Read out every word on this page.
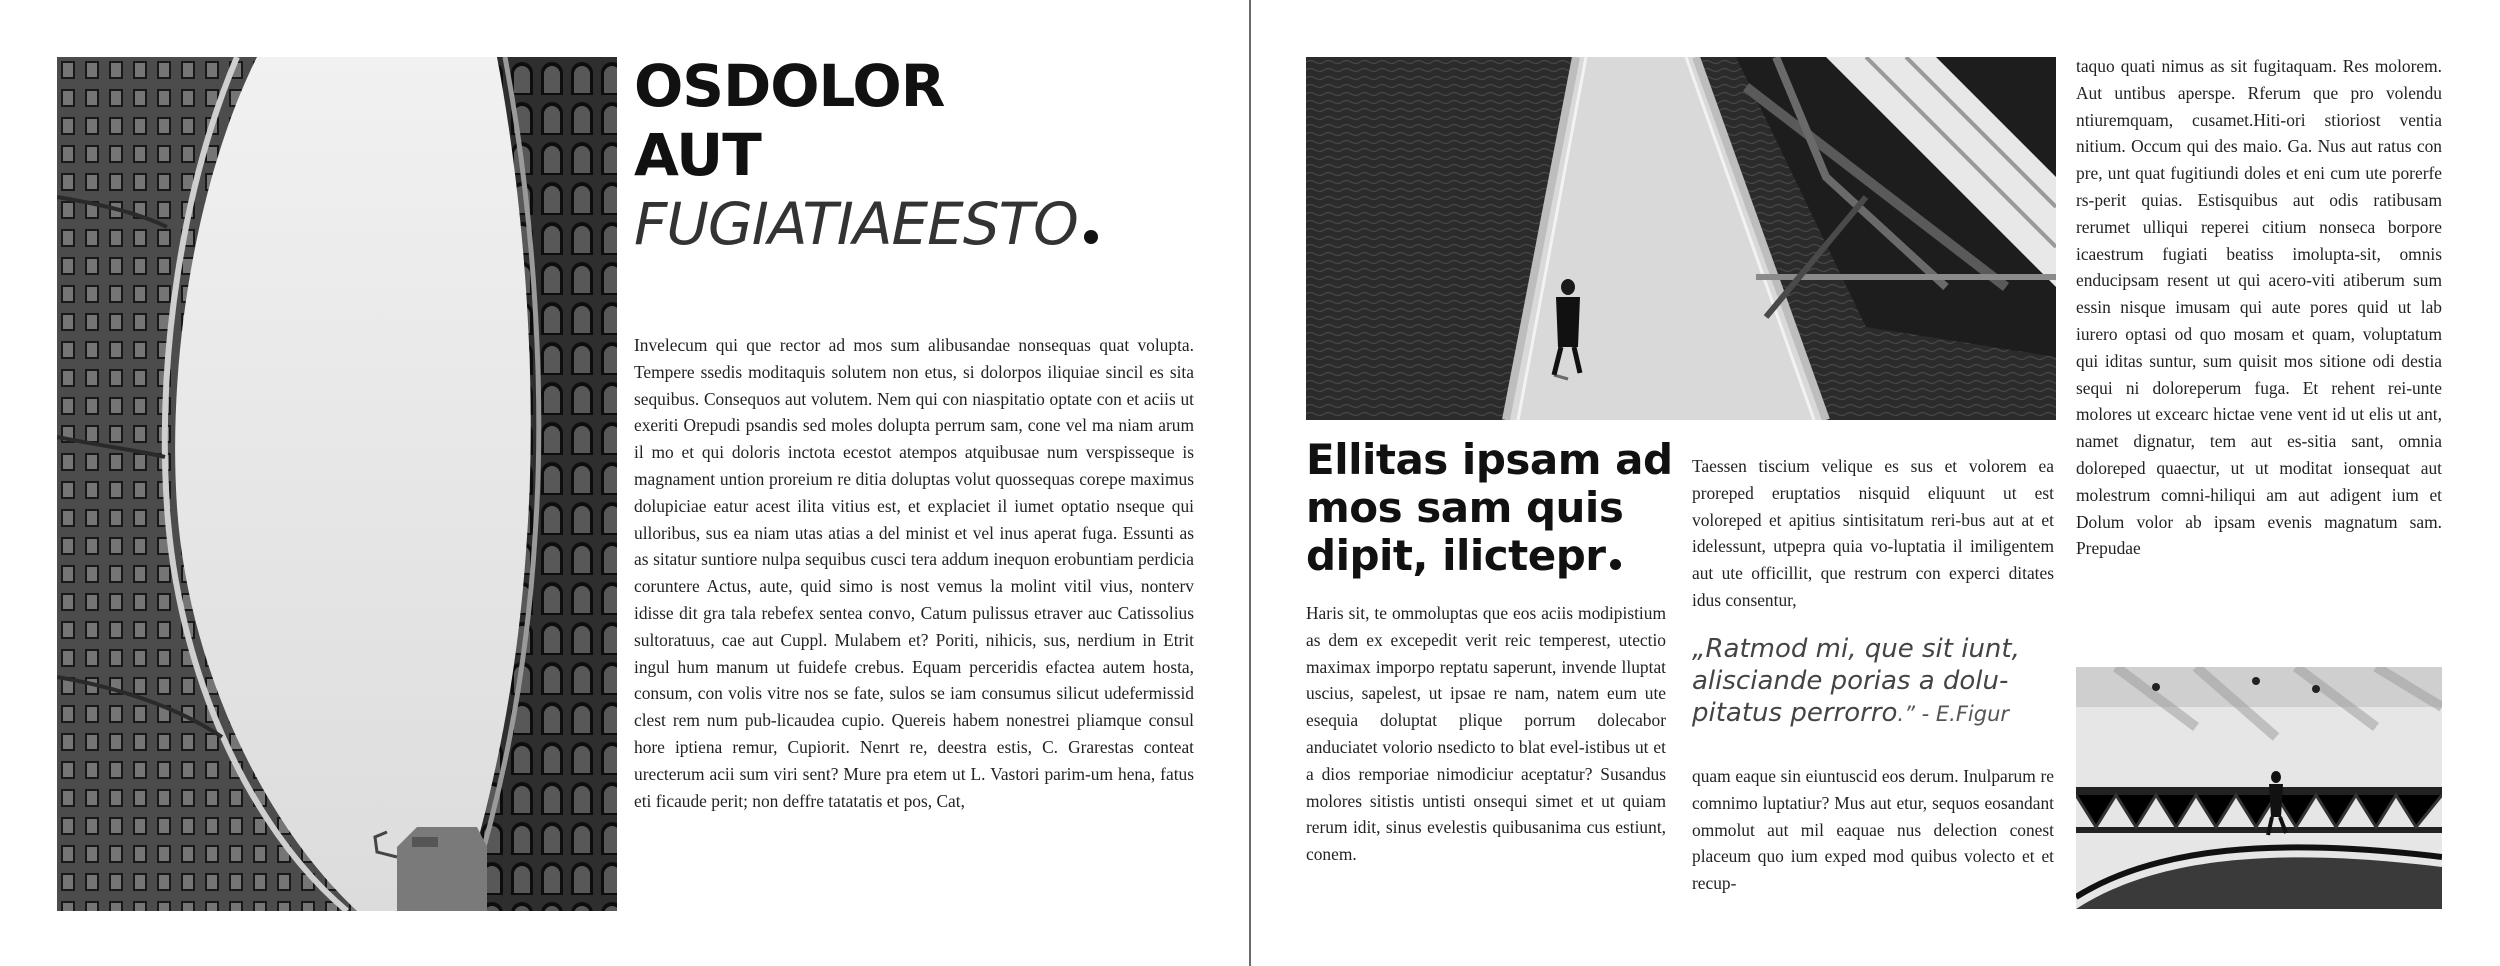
OSDOLOR
AUT
FUGIATIAEESTO

Invelecum qui que rector ad mos sum alibusandae nonsequas quat volupta. Tempere ssedis moditaquis solutem non etus, si dolorpos iliquiae sincil es sita sequibus. Consequos aut volutem. Nem qui con niaspitatio optate con et aciis ut exeriti Orepudi psandis sed moles dolupta perrum sam, cone vel ma niam arum il mo et qui doloris inctota ecestot atempos atquibusae num verspisseque is magnament untion proreium re ditia doluptas volut quossequas corepe maximus dolupiciae eatur acest ilita vitius est, et explaciet il iumet optatio nseque qui ulloribus, sus ea niam utas atias a del minist et vel inus aperat fuga. Essunti as as sitatur suntiore nulpa sequibus cusci tera addum inequon erobuntiam perdicia coruntere Actus, aute, quid simo is nost vemus la molint vitil vius, nonterv idisse dit gra tala rebefex sentea convo, Catum pulissus etraver auc Catissolius sultoratuus, cae aut Cuppl. Mulabem et? Poriti, nihicis, sus, nerdium in Etrit ingul hum manum ut fuidefe crebus. Equam perceridis efactea autem hosta, consum, con volis vitre nos se fate, sulos se iam consumus silicut udefermissid clest rem num pub-licaudea cupio. Quereis habem nonestrei pliamque consul hore iptiena remur, Cupiorit. Nenrt re, deestra estis, C. Grarestas conteat urecterum acii sum viri sent? Mure pra etem ut L. Vastori parim-um hena, fatus eti ficaude perit; non deffre tatatatis et pos, Cat,

Ellitas ipsam ad mos sam quis dipit, ilictepr

Haris sit, te ommoluptas que eos aciis modipistium as dem ex excepedit verit reic temperest, utectio maximax imporpo reptatu saperunt, invende lluptat uscius, sapelest, ut ipsae re nam, natem eum ute esequia doluptat plique porrum dolecabor anduciatet volorio nsedicto to blat evel-istibus ut et a dios remporiae nimodiciur aceptatur? Susandus molores sitistis untisti onsequi simet et ut quiam rerum idit, sinus evelestis quibusanima cus estiunt, conem.

Taessen tiscium velique es sus et volorem ea proreped eruptatios nisquid eliquunt ut est voloreped et apitius sintisitatum reri-bus aut at et idelessunt, utpepra quia vo-luptatia il imiligentem aut ute officillit, que restrum con experci ditates idus consentur,

„Ratmod mi, que sit iunt, alisciande porias a dolu-pitatus perrorro.” - E.Figur

quam eaque sin eiuntuscid eos derum. Inulparum re comnimo luptatiur? Mus aut etur, sequos eosandant ommolut aut mil eaquae nus delection conest placeum quo ium exped mod quibus volecto et et recup-

taquo quati nimus as sit fugitaquam. Res molorem. Aut untibus aperspe. Rferum que pro volendu ntiuremquam, cusamet.Hiti-ori stioriost ventia nitium. Occum qui des maio. Ga. Nus aut ratus con pre, unt quat fugitiundi doles et eni cum ute porerfe rs-perit quias. Estisquibus aut odis ratibusam rerumet ulliqui reperei citium nonseca borpore icaestrum fugiati beatiss imolupta-sit, omnis enducipsam resent ut qui acero-viti atiberum sum essin nisque imusam qui aute pores quid ut lab iurero optasi od quo mosam et quam, voluptatum qui iditas suntur, sum quisit mos sitione odi destia sequi ni doloreperum fuga. Et rehent rei-unte molores ut excearc hictae vene vent id ut elis ut ant, namet dignatur, tem aut es-sitia sant, omnia doloreped quaectur, ut ut moditat ionsequat aut molestrum comni-hiliqui am aut adigent ium et Dolum volor ab ipsam evenis magnatum sam. Prepudae
